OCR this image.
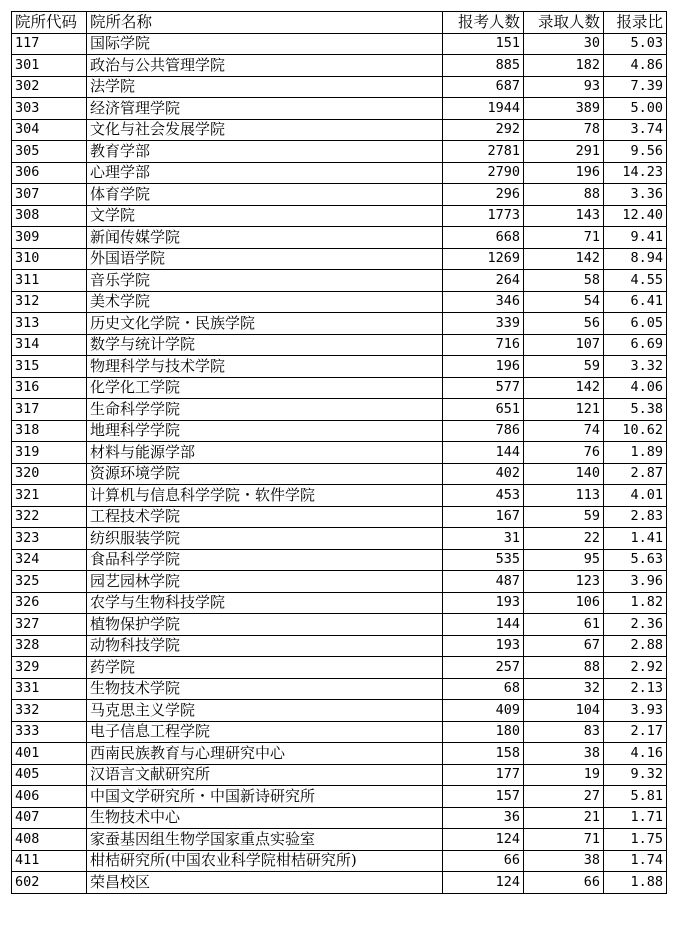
院所代码	院所名称	报考人数	录取人数	报录比
117	国际学院	151	30	5.03
301	政治与公共管理学院	885	182	4.86
302	法学院	687	93	7.39
303	经济管理学院	1944	389	5.00
304	文化与社会发展学院	292	78	3.74
305	教育学部	2781	291	9.56
306	心理学部	2790	196	14.23
307	体育学院	296	88	3.36
308	文学院	1773	143	12.40
309	新闻传媒学院	668	71	9.41
310	外国语学院	1269	142	8.94
311	音乐学院	264	58	4.55
312	美术学院	346	54	6.41
313	历史文化学院・民族学院	339	56	6.05
314	数学与统计学院	716	107	6.69
315	物理科学与技术学院	196	59	3.32
316	化学化工学院	577	142	4.06
317	生命科学学院	651	121	5.38
318	地理科学学院	786	74	10.62
319	材料与能源学部	144	76	1.89
320	资源环境学院	402	140	2.87
321	计算机与信息科学学院・软件学院	453	113	4.01
322	工程技术学院	167	59	2.83
323	纺织服装学院	31	22	1.41
324	食品科学学院	535	95	5.63
325	园艺园林学院	487	123	3.96
326	农学与生物科技学院	193	106	1.82
327	植物保护学院	144	61	2.36
328	动物科技学院	193	67	2.88
329	药学院	257	88	2.92
331	生物技术学院	68	32	2.13
332	马克思主义学院	409	104	3.93
333	电子信息工程学院	180	83	2.17
401	西南民族教育与心理研究中心	158	38	4.16
405	汉语言文献研究所	177	19	9.32
406	中国文学研究所・中国新诗研究所	157	27	5.81
407	生物技术中心	36	21	1.71
408	家蚕基因组生物学国家重点实验室	124	71	1.75
411	柑桔研究所(中国农业科学院柑桔研究所)	66	38	1.74
602	荣昌校区	124	66	1.88
